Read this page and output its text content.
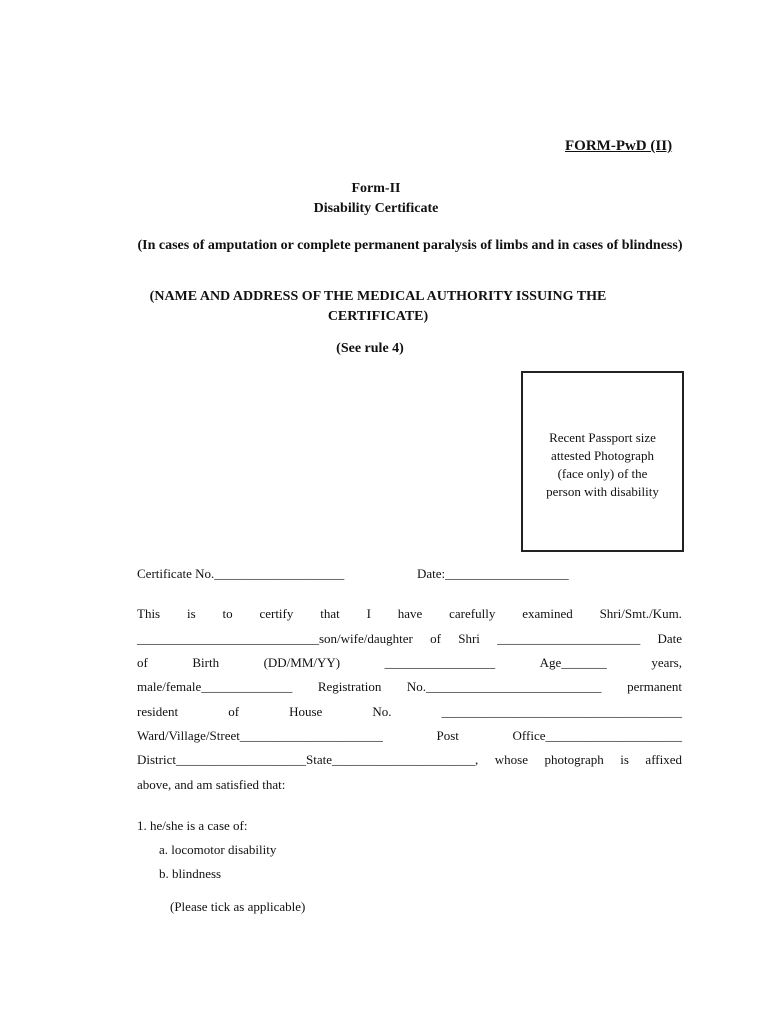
FORM-PwD (II)
Form-II
Disability Certificate
(In cases of amputation or complete permanent paralysis of limbs and in cases of blindness)
(NAME AND ADDRESS OF THE MEDICAL AUTHORITY ISSUING THE CERTIFICATE)
(See rule 4)
Recent Passport size
attested Photograph
(face only) of the
person with disability
Certificate No.____________________	Date:___________________
This is to certify that I have carefully examined Shri/Smt./Kum.
____________________________son/wife/daughter of Shri ______________________ Date
of	Birth	(DD/MM/YY)	_________________	Age_______	years,
male/female______________ Registration No.___________________________ permanent
resident	of	House	No.	_____________________________________
Ward/Village/Street______________________	Post	Office_____________________
District____________________State______________________, whose photograph is affixed
above, and am satisfied that:
1. he/she is a case of:
a. locomotor disability
b. blindness
(Please tick as applicable)
